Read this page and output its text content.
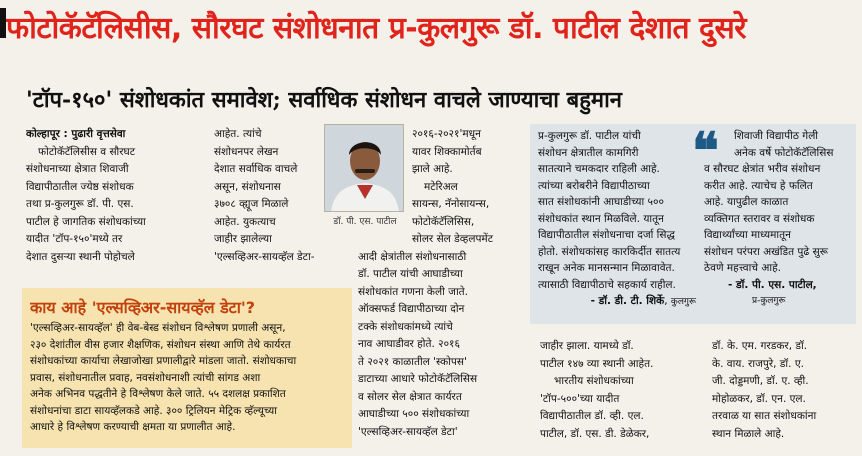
फोटोकॅटॅलिसीस, सौरघट संशोधनात प्र-कुलगुरू डॉ. पाटील देशात दुसरे
'टॉप-१५०' संशोधकांत समावेश; सर्वाधिक संशोधन वाचले जाण्याचा बहुमान

कोल्हापूर : पुढारी वृत्तसेवा

फोटोकॅटॅलिसीस व सौरघट

संशोधनाच्या क्षेत्रात शिवाजी

विद्यापीठातील ज्येष्ठ संशोधक

तथा प्र-कुलगुरू डॉ. पी. एस.

पाटील हे जागतिक संशोधकांच्या

यादीत 'टॉप-१५०'मध्ये तर

देशात दुसऱ्या स्थानी पोहोचले

आहेत. त्यांचे

संशोधनपर लेखन

देशात सर्वाधिक वाचले

असून, संशोधनास

३७०८ व्ह्यूज मिळाले

आहेत. युकत्याच

जाहीर झालेल्या

'एल्सव्हिअर-सायव्हॅल डेटा-

डॉ. पी. एस. पाटील

२०१६-२०२१'मधून

यावर शिक्कामोर्तब

झाले आहे.

मटेरिअल

सायन्स, नॅनोसायन्स,

फोटोकॅटॅलिसिस,

सोलर सेल डेव्हलपमेंट

आदी क्षेत्रांतील संशोधनासाठी

डॉ. पाटील यांची आघाडीच्या

संशोधकांत गणना केली जाते.

ऑक्सफर्ड विद्यापीठाच्या दोन

टक्के संशोधकांमध्ये त्यांचे

नाव आघाडीवर होते. २०१६

ते २०२१ काळातील 'स्कोपस'

डाटाच्या आधारे फोटोकॅटॅलिसिस

व सोलर सेल क्षेत्रात कार्यरत

आघाडीच्या ५०० संशोधकांच्या

'एल्सव्हिअर-सायव्हॅल डेटा'

प्र-कुलगुरू डॉ. पाटील यांची

संशोधन क्षेत्रातील कामगिरी

सातत्याने चमकदार राहिली आहे.

त्यांच्या बरोबरीने विद्यापीठाच्या

सात संशोधकांनी आघाडीच्या ५००

संशोधकांत स्थान मिळविले. यातून

विद्यापीठातील संशोधनाचा दर्जा सिद्ध

होतो. संशोधकांसह कारकिर्दीत सातत्य

राखून अनेक मानसन्मान मिळावावेत.

त्यासाठी विद्यापीठाचे सहकार्य राहील.

- डॉ. डी. टी. शिर्के, कुलगुरू

❝	शिवाजी विद्यापीठ गेली

अनेक वर्षे फोटोकॅटॅलिसिस

व सौरघट क्षेत्रांत भरीव संशोधन

करीत आहे. त्याचेच हे फलित

आहे. यापुढील काळात

व्यक्तिगत स्तरावर व संशोधक

विद्यार्थ्यांच्या माध्यमातून

संशोधन परंपरा अखंडित पुढे सुरू

ठेवणे महत्त्वाचे आहे.

- डॉ. पी. एस. पाटील,

प्र-कुलगुरू

काय आहे 'एल्सव्हिअर-सायव्हॅल डेटा'?

'एल्सव्हिअर-सायव्हॅल' ही वेब-बेस्ड संशोधन विश्लेषण प्रणाली असून,

२३० देशांतील वीस हजार शैक्षणिक, संशोधन संस्था आणि तेथे कार्यरत

संशोधकांच्या कार्याचा लेखाजोखा प्रणालीद्वारे मांडला जातो. संशोधकाचा

प्रवास, संशोधनातील प्रवाह, नवसंशोधनाशी त्यांची सांगड अशा

अनेक अभिनव पद्धतीने हे विश्लेषण केले जाते. ५५ दशलक्ष प्रकाशित

संशोधनांचा डाटा सायव्हॅलकडे आहे. ३०० ट्रिलियन मेट्रिक व्हॅल्यूच्या

आधारे हे विश्लेषण करण्याची क्षमता या प्रणालीत आहे.

जाहीर झाला. यामध्ये डॉ.

पाटील १४७ व्या स्थानी आहेत.

भारतीय संशोधकांच्या

'टॉप-५००'च्या यादीत

विद्यापीठातील डॉ. व्ही. एल.

पाटील, डॉ. एस. डी. डेळेकर,

डॉ. के. एम. गरडकर, डॉ.

के. वाय. राजपुरे, डॉ. ए.

जी. दोड्डमणी, डॉ. ए. व्ही.

मोहोळकर, डॉ. एन. एल.

तरवाळ या सात संशोधकांना

स्थान मिळाले आहे.
